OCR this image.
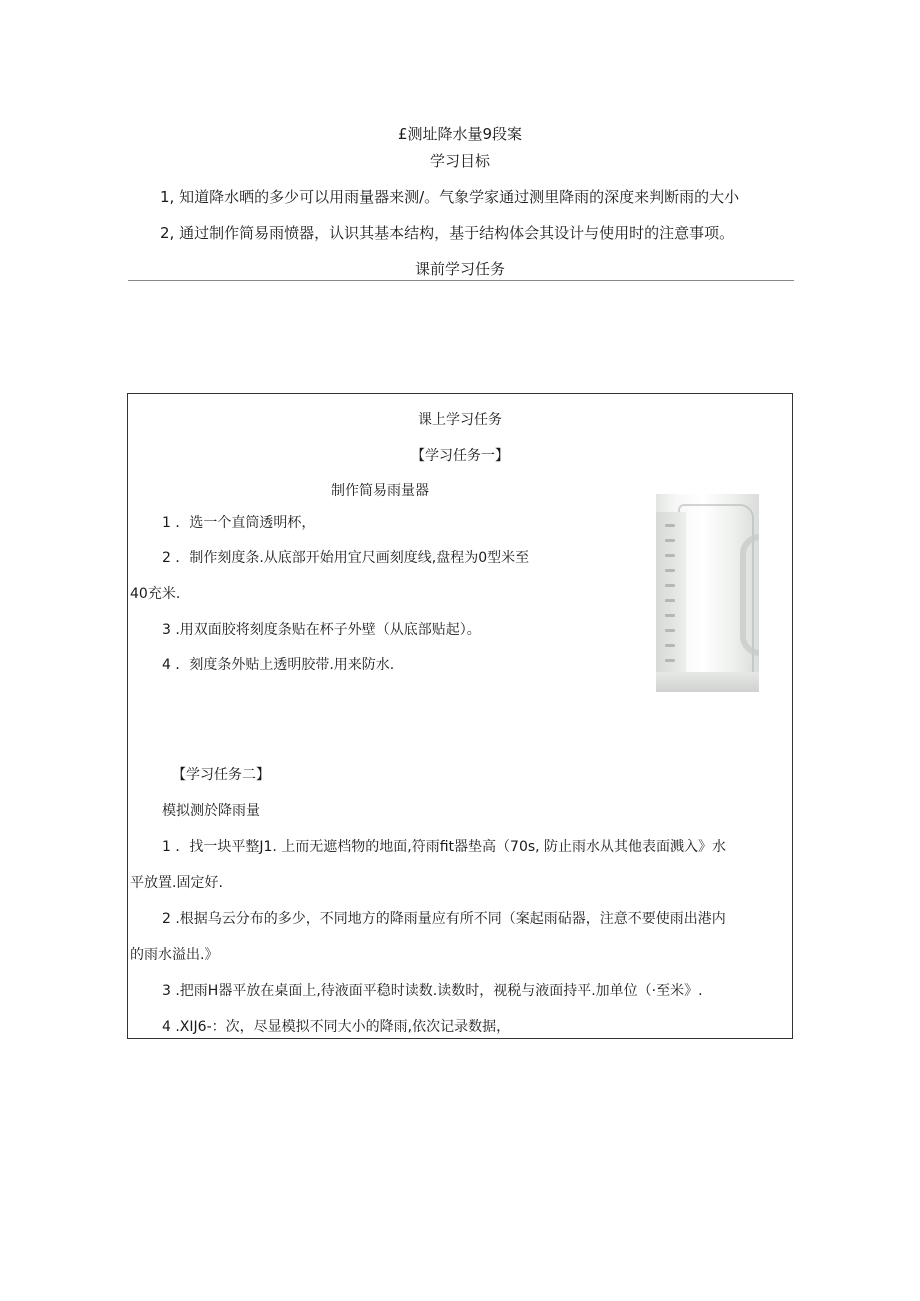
£测址降水量9段案
学习目标
1, 知道降水晒的多少可以用雨量器来测/。气象学家通过测里降雨的深度来判断雨的大小
2, 通过制作简易雨愤器，认识其基本结构，基于结构体会其设计与使用时的注意事项。
课前学习任务
课上学习任务
【学习任务一】
制作简易雨量器
1 ．选一个直筒透明杯，
2 ．制作刻度条.从底部开始用宜尺画刻度线,盘程为0型米至
40充米.
3 .用双面胶将刻度条贴在杯子外壁（从底部贴起）。
4 ．刻度条外贴上透明胶带.用来防水.
【学习任务二】
模拟测於降雨量
1 ．找一块平整J1. 上而无遮档物的地面,符雨fit器垫高（70s, 防止雨水从其他表面溅入》水
平放置.固定好.
2 .根据乌云分布的多少，不同地方的降雨量应有所不同（案起雨砧器，注意不要使雨出港内
的雨水溢出.》
3 .把雨H器平放在桌面上,待液面平稳时读数.读数时，视税与液面持平.加单位（·至米》.
4 .XIJ6-：次，尽显模拟不同大小的降雨,依次记录数据，
